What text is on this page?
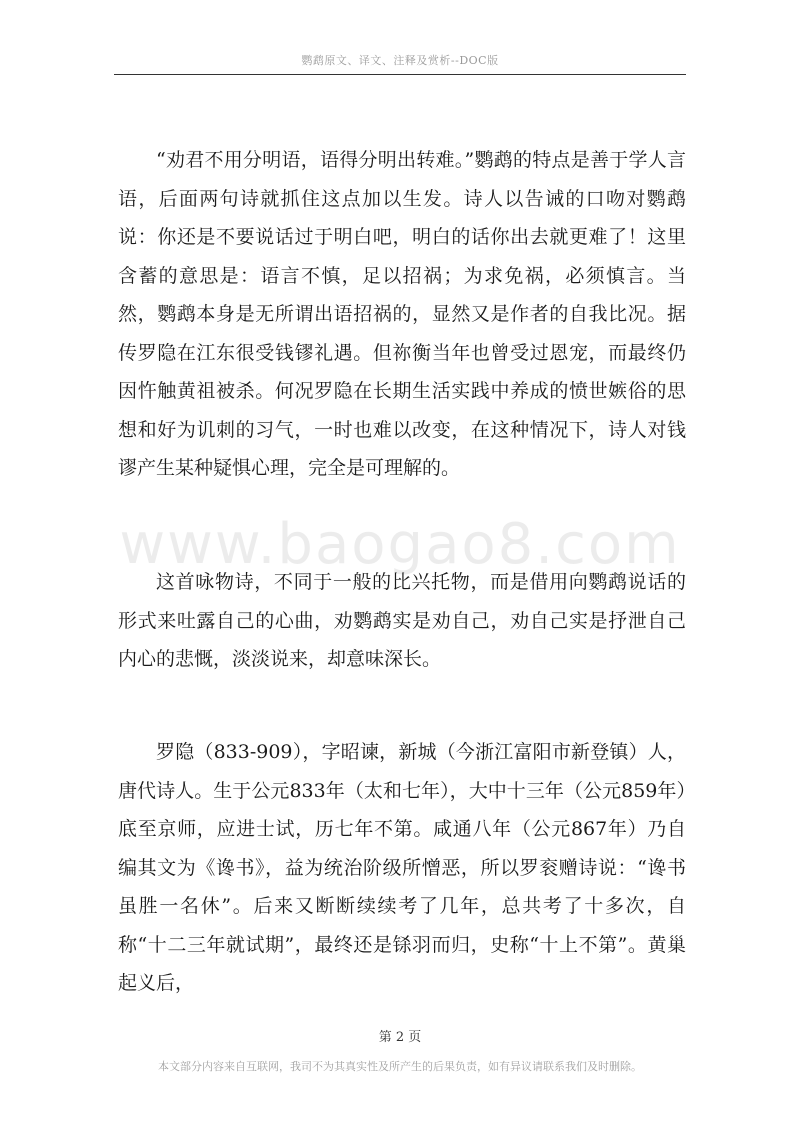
鹦鹉原文、译文、注释及赏析--DOC版

“劝君不用分明语，语得分明出转难。”鹦鹉的特点是善于学人言语，后面两句诗就抓住这点加以生发。诗人以告诫的口吻对鹦鹉说：你还是不要说话过于明白吧，明白的话你出去就更难了！这里含蓄的意思是：语言不慎，足以招祸；为求免祸，必须慎言。当然，鹦鹉本身是无所谓出语招祸的，显然又是作者的自我比况。据传罗隐在江东很受钱镠礼遇。但祢衡当年也曾受过恩宠，而最终仍因忤触黄祖被杀。何况罗隐在长期生活实践中养成的愤世嫉俗的思想和好为讥刺的习气，一时也难以改变，在这种情况下，诗人对钱谬产生某种疑惧心理，完全是可理解的。

www.baogao8.com

这首咏物诗，不同于一般的比兴托物，而是借用向鹦鹉说话的形式来吐露自己的心曲，劝鹦鹉实是劝自己，劝自己实是抒泄自己内心的悲慨，淡淡说来，却意味深长。

罗隐（833-909），字昭谏，新城（今浙江富阳市新登镇）人，唐代诗人。生于公元833年（太和七年），大中十三年（公元859年）底至京师，应进士试，历七年不第。咸通八年（公元867年）乃自编其文为《谗书》，益为统治阶级所憎恶，所以罗衮赠诗说：“谗书虽胜一名休”。后来又断断续续考了几年，总共考了十多次，自称“十二三年就试期”，最终还是铩羽而归，史称“十上不第”。黄巢起义后，

第 2 页
本文部分内容来自互联网，我司不为其真实性及所产生的后果负责，如有异议请联系我们及时删除。
